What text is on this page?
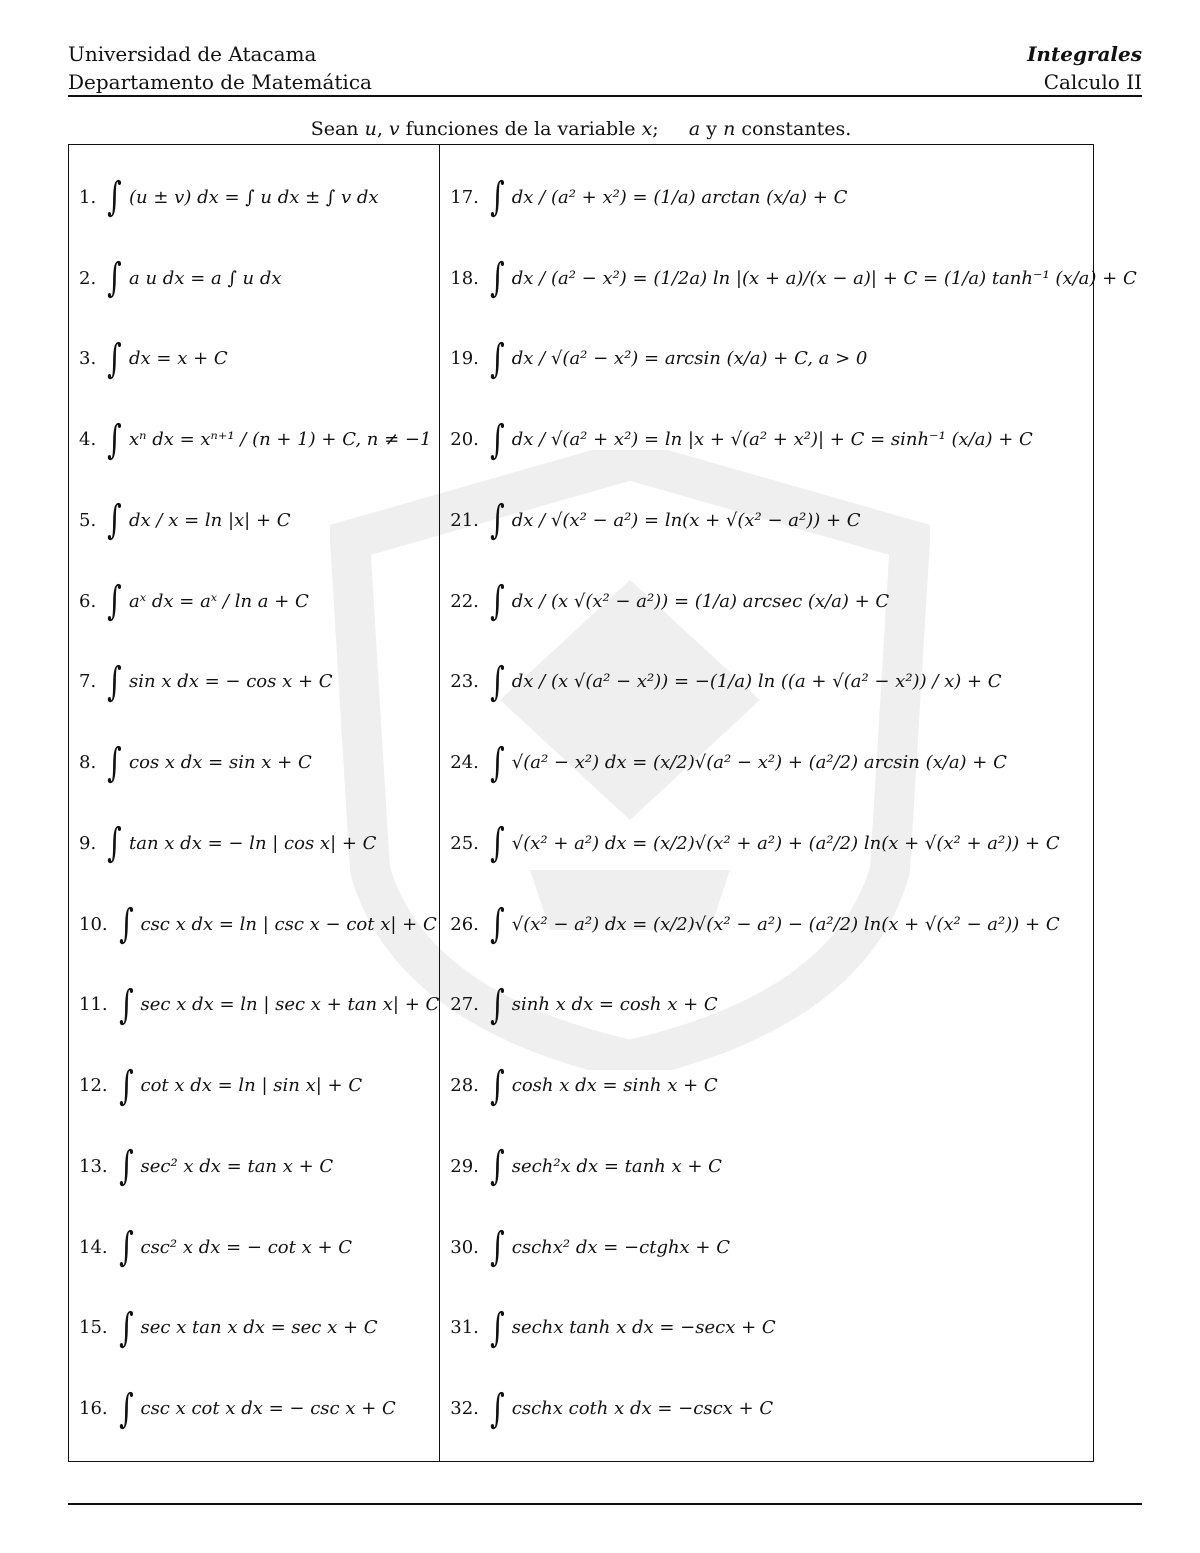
Universidad de Atacama
Departamento de Matemática
Integrales
Calculo II
Sean u, v funciones de la variable x;     a y n constantes.
1. ∫ (u ± v) dx = ∫ u dx ± ∫ v dx
2. ∫ a u dx = a ∫ u dx
3. ∫ dx = x + C
4. ∫ xⁿ dx = xⁿ⁺¹ / (n + 1) + C, n ≠ −1
5. ∫ dx / x = ln |x| + C
6. ∫ aˣ dx = aˣ / ln a + C
7. ∫ sin x dx = − cos x + C
8. ∫ cos x dx = sin x + C
9. ∫ tan x dx = − ln | cos x| + C
10. ∫ csc x dx = ln | csc x − cot x| + C
11. ∫ sec x dx = ln | sec x + tan x| + C
12. ∫ cot x dx = ln | sin x| + C
13. ∫ sec² x dx = tan x + C
14. ∫ csc² x dx = − cot x + C
15. ∫ sec x tan x dx = sec x + C
16. ∫ csc x cot x dx = − csc x + C
17. ∫ dx / (a² + x²) = (1/a) arctan (x/a) + C
18. ∫ dx / (a² − x²) = (1/2a) ln |(x + a)/(x − a)| + C = (1/a) tanh⁻¹ (x/a) + C
19. ∫ dx / √(a² − x²) = arcsin (x/a) + C, a > 0
20. ∫ dx / √(a² + x²) = ln |x + √(a² + x²)| + C = sinh⁻¹ (x/a) + C
21. ∫ dx / √(x² − a²) = ln(x + √(x² − a²)) + C
22. ∫ dx / (x √(x² − a²)) = (1/a) arcsec (x/a) + C
23. ∫ dx / (x √(a² − x²)) = −(1/a) ln ((a + √(a² − x²)) / x) + C
24. ∫ √(a² − x²) dx = (x/2)√(a² − x²) + (a²/2) arcsin (x/a) + C
25. ∫ √(x² + a²) dx = (x/2)√(x² + a²) + (a²/2) ln(x + √(x² + a²)) + C
26. ∫ √(x² − a²) dx = (x/2)√(x² − a²) − (a²/2) ln(x + √(x² − a²)) + C
27. ∫ sinh x dx = cosh x + C
28. ∫ cosh x dx = sinh x + C
29. ∫ sech²x dx = tanh x + C
30. ∫ cschx² dx = −ctghx + C
31. ∫ sechx tanh x dx = −secx + C
32. ∫ cschx coth x dx = −cscx + C
